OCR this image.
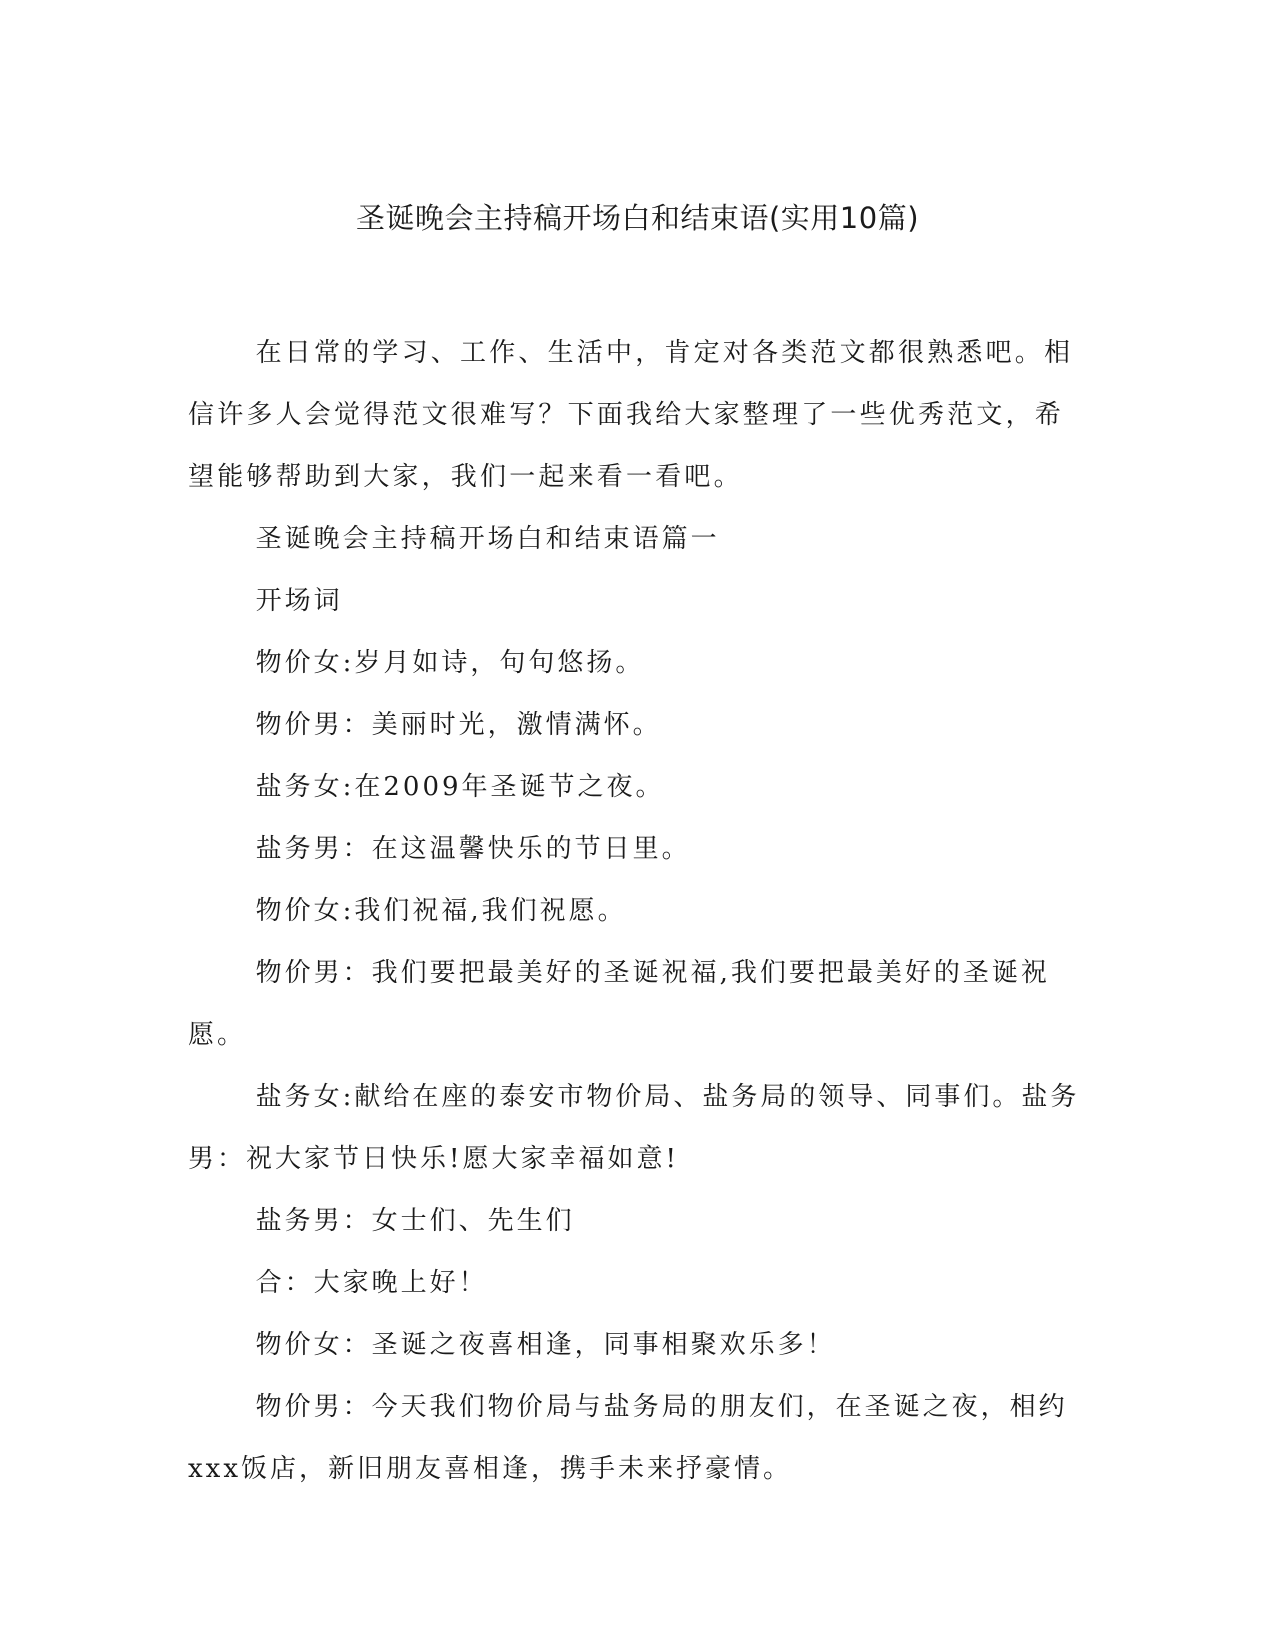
圣诞晚会主持稿开场白和结束语(实用10篇)

在日常的学习、工作、生活中，肯定对各类范文都很熟悉吧。相信许多人会觉得范文很难写？下面我给大家整理了一些优秀范文，希望能够帮助到大家，我们一起来看一看吧。

圣诞晚会主持稿开场白和结束语篇一

开场词

物价女:岁月如诗，句句悠扬。

物价男：美丽时光，激情满怀。

盐务女:在2009年圣诞节之夜。

盐务男：在这温馨快乐的节日里。

物价女:我们祝福,我们祝愿。

物价男：我们要把最美好的圣诞祝福,我们要把最美好的圣诞祝愿。

盐务女:献给在座的泰安市物价局、盐务局的领导、同事们。盐务男：祝大家节日快乐!愿大家幸福如意!

盐务男：女士们、先生们

合：大家晚上好！

物价女：圣诞之夜喜相逢，同事相聚欢乐多！

物价男：今天我们物价局与盐务局的朋友们，在圣诞之夜，相约xxx饭店，新旧朋友喜相逢，携手未来抒豪情。
